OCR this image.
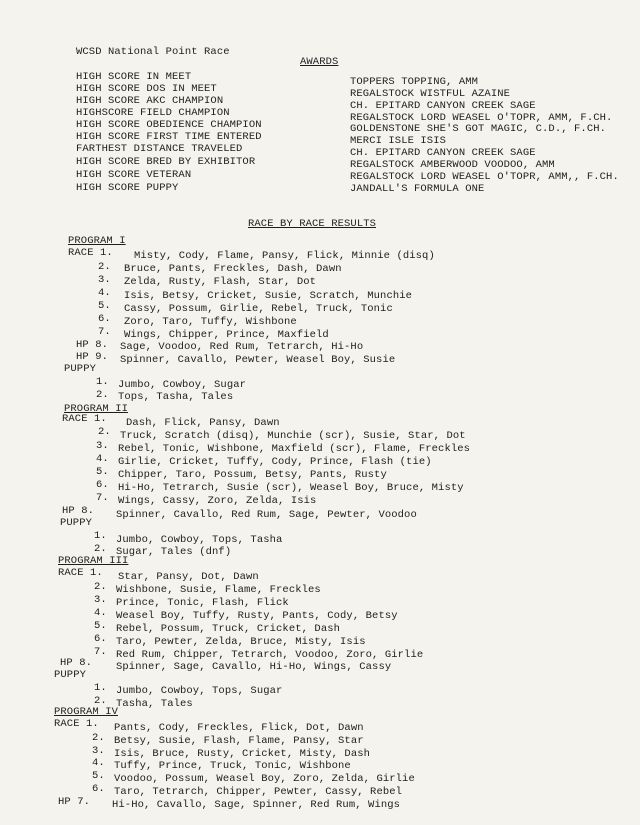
WCSD National Point Race
AWARDS
HIGH SCORE IN MEET	TOPPERS TOPPING, AMM
HIGH SCORE DOS IN MEET	REGALSTOCK WISTFUL AZAINE
HIGH SCORE AKC CHAMPION	CH. EPITARD CANYON CREEK SAGE
HIGHSCORE FIELD CHAMPION	REGALSTOCK LORD WEASEL O'TOPR, AMM, F.CH.
HIGH SCORE OBEDIENCE CHAMPION	GOLDENSTONE SHE'S GOT MAGIC, C.D., F.CH.
HIGH SCORE FIRST TIME ENTERED	MERCI ISLE ISIS
FARTHEST DISTANCE TRAVELED	CH. EPITARD CANYON CREEK SAGE
HIGH SCORE BRED BY EXHIBITOR	REGALSTOCK AMBERWOOD VOODOO, AMM
HIGH SCORE VETERAN	REGALSTOCK LORD WEASEL O'TOPR, AMM,, F.CH.
HIGH SCORE PUPPY	JANDALL'S FORMULA ONE
RACE BY RACE RESULTS
PROGRAM I
RACE 1. Misty, Cody, Flame, Pansy, Flick, Minnie (disq)
2. Bruce, Pants, Freckles, Dash, Dawn
3. Zelda, Rusty, Flash, Star, Dot
4. Isis, Betsy, Cricket, Susie, Scratch, Munchie
5. Cassy, Possum, Girlie, Rebel, Truck, Tonic
6. Zoro, Taro, Tuffy, Wishbone
7. Wings, Chipper, Prince, Maxfield
HP 8. Sage, Voodoo, Red Rum, Tetrarch, Hi-Ho
HP 9. Spinner, Cavallo, Pewter, Weasel Boy, Susie
PUPPY
1. Jumbo, Cowboy, Sugar
2. Tops, Tasha, Tales
PROGRAM II
RACE 1. Dash, Flick, Pansy, Dawn
2. Truck, Scratch (disq), Munchie (scr), Susie, Star, Dot
3. Rebel, Tonic, Wishbone, Maxfield (scr), Flame, Freckles
4. Girlie, Cricket, Tuffy, Cody, Prince, Flash (tie)
5. Chipper, Taro, Possum, Betsy, Pants, Rusty
6. Hi-Ho, Tetrarch, Susie (scr), Weasel Boy, Bruce, Misty
7. Wings, Cassy, Zoro, Zelda, Isis
HP 8. Spinner, Cavallo, Red Rum, Sage, Pewter, Voodoo
PUPPY
1. Jumbo, Cowboy, Tops, Tasha
2. Sugar, Tales (dnf)
PROGRAM III
RACE 1. Star, Pansy, Dot, Dawn
2. Wishbone, Susie, Flame, Freckles
3. Prince, Tonic, Flash, Flick
4. Weasel Boy, Tuffy, Rusty, Pants, Cody, Betsy
5. Rebel, Possum, Truck, Cricket, Dash
6. Taro, Pewter, Zelda, Bruce, Misty, Isis
7. Red Rum, Chipper, Tetrarch, Voodoo, Zoro, Girlie
HP 8. Spinner, Sage, Cavallo, Hi-Ho, Wings, Cassy
PUPPY
1. Jumbo, Cowboy, Tops, Sugar
2. Tasha, Tales
PROGRAM IV
RACE 1. Pants, Cody, Freckles, Flick, Dot, Dawn
2. Betsy, Susie, Flash, Flame, Pansy, Star
3. Isis, Bruce, Rusty, Cricket, Misty, Dash
4. Tuffy, Prince, Truck, Tonic, Wishbone
5. Voodoo, Possum, Weasel Boy, Zoro, Zelda, Girlie
6. Taro, Tetrarch, Chipper, Pewter, Cassy, Rebel
HP 7. Hi-Ho, Cavallo, Sage, Spinner, Red Rum, Wings
